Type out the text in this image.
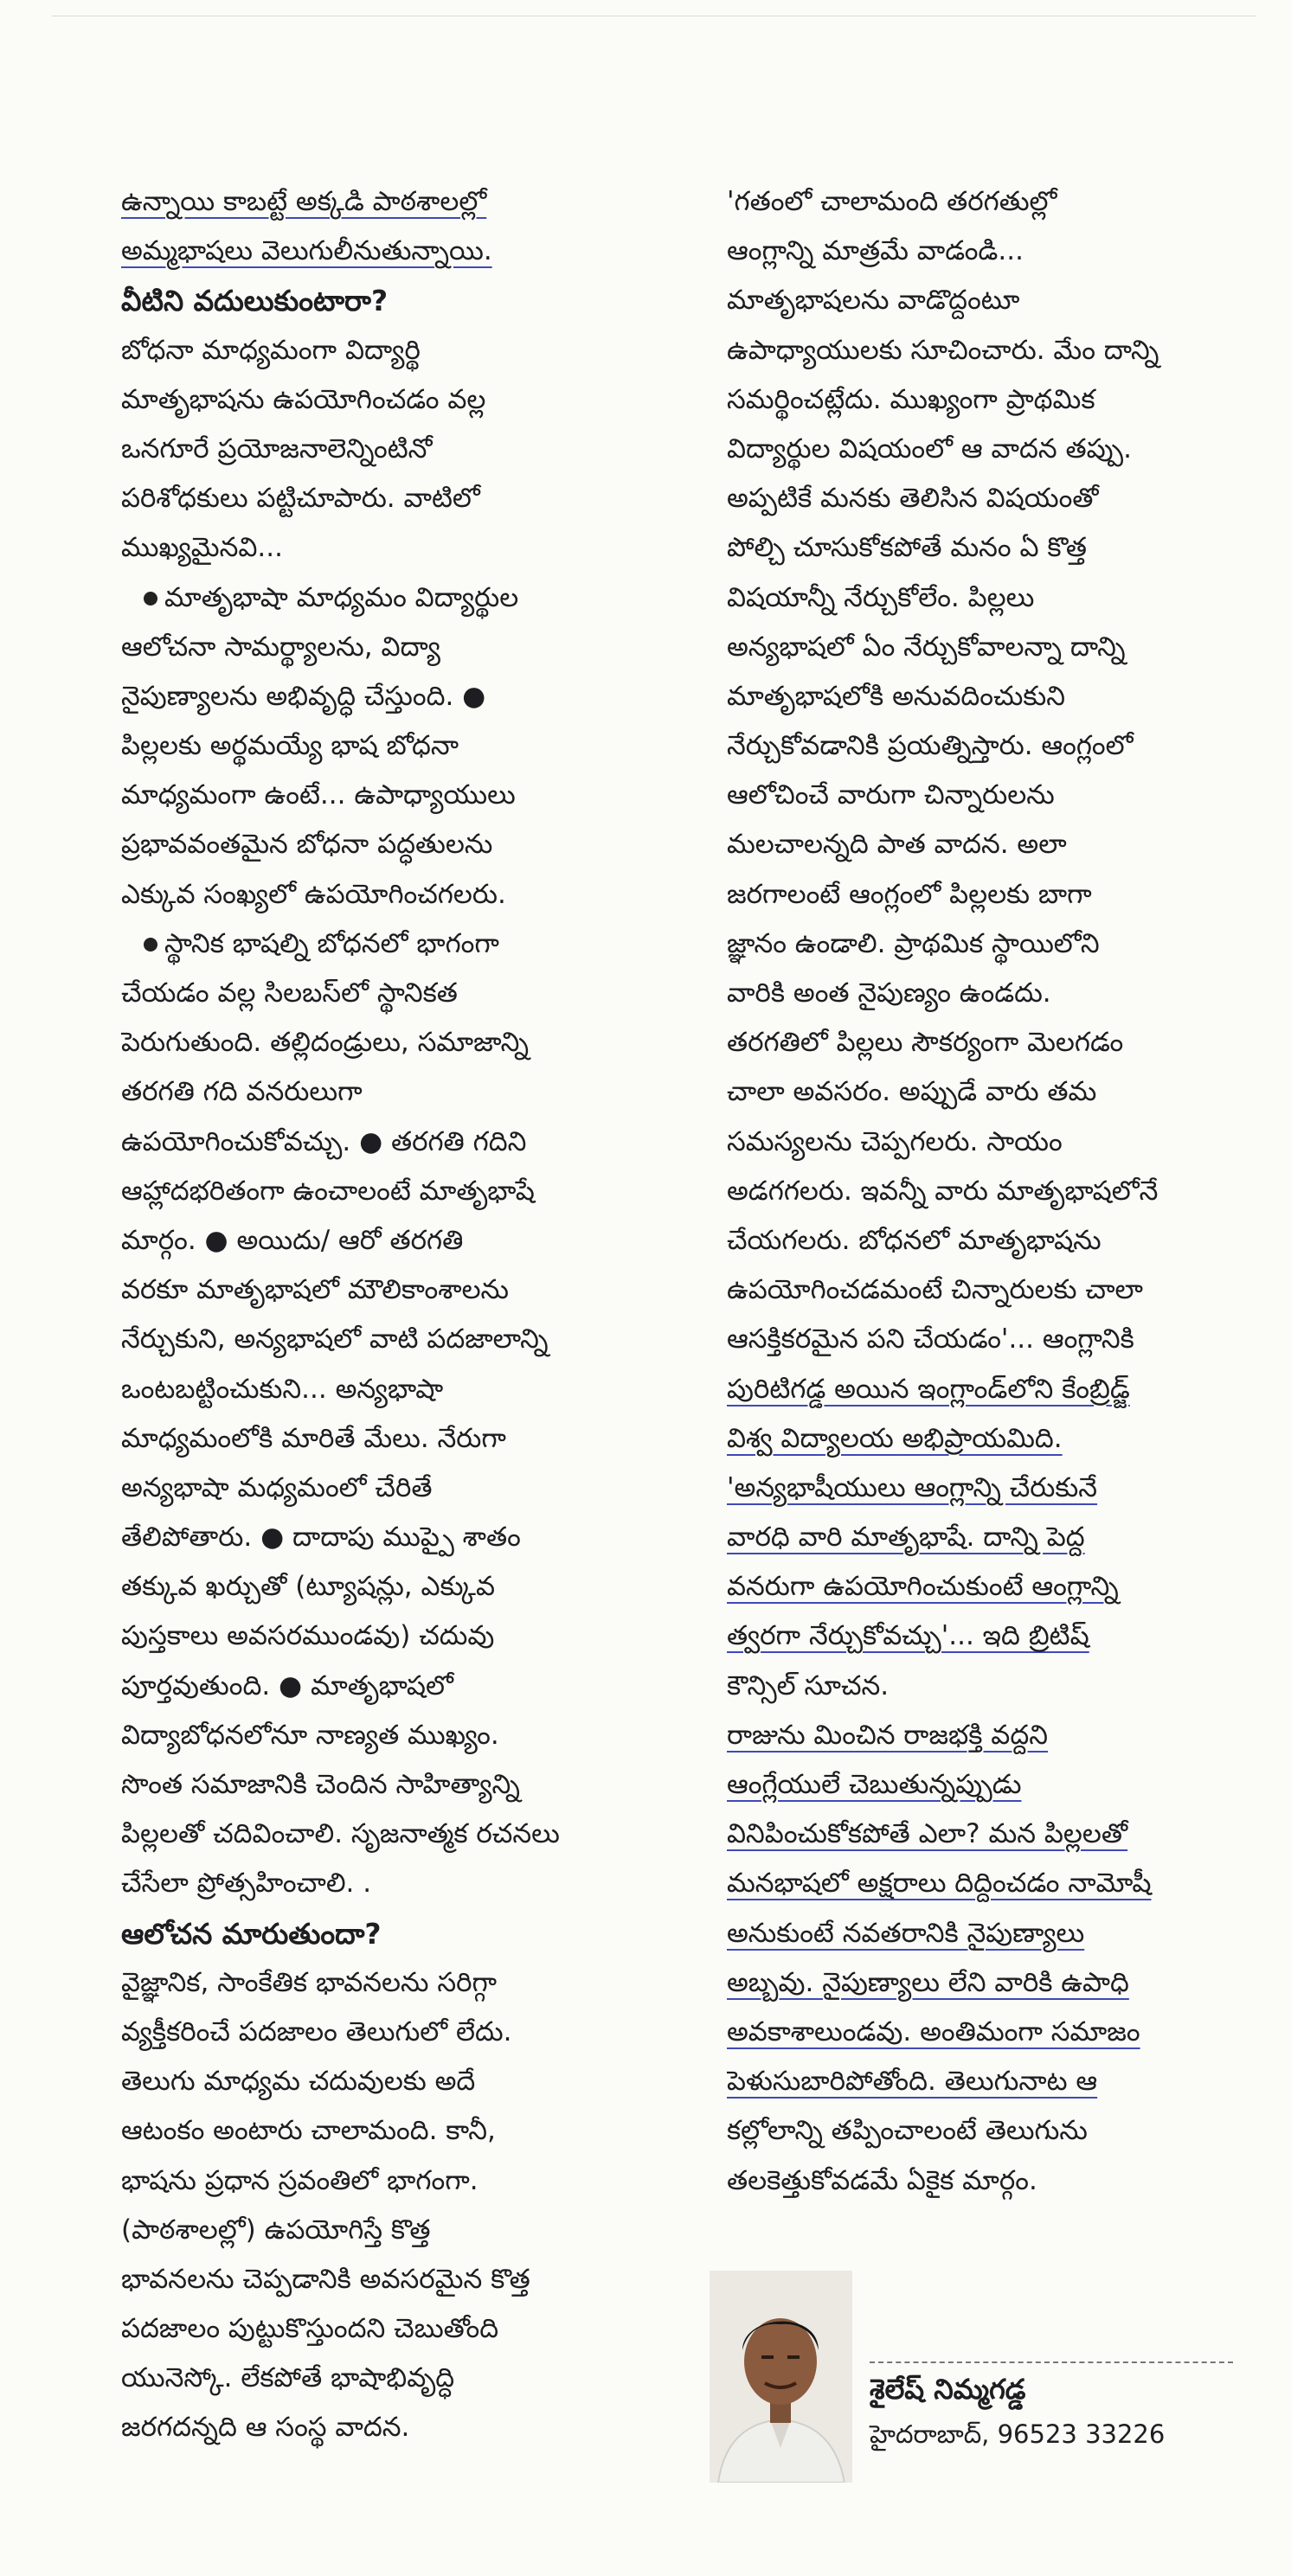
ఉన్నాయి కాబట్టే అక్కడి పాఠశాలల్లో
అమ్మభాషలు వెలుగులీనుతున్నాయి.
వీటిని వదులుకుంటారా?
బోధనా మాధ్యమంగా విద్యార్థి
మాతృభాషను ఉపయోగించడం వల్ల
ఒనగూరే ప్రయోజనాలెన్నింటినో
పరిశోధకులు పట్టిచూపారు. వాటిలో
ముఖ్యమైనవి...
మాతృభాషా మాధ్యమం విద్యార్థుల
ఆలోచనా సామర్థ్యాలను, విద్యా
నైపుణ్యాలను అభివృద్ధి చేస్తుంది. ●
పిల్లలకు అర్థమయ్యే భాష బోధనా
మాధ్యమంగా ఉంటే... ఉపాధ్యాయులు
ప్రభావవంతమైన బోధనా పద్ధతులను
ఎక్కువ సంఖ్యలో ఉపయోగించగలరు.
స్థానిక భాషల్ని బోధనలో భాగంగా
చేయడం వల్ల సిలబస్‌లో స్థానికత
పెరుగుతుంది. తల్లిదండ్రులు, సమాజాన్ని
తరగతి గది వనరులుగా
ఉపయోగించుకోవచ్చు. ● తరగతి గదిని
ఆహ్లాదభరితంగా ఉంచాలంటే మాతృభాషే
మార్గం. ● అయిదు/ ఆరో తరగతి
వరకూ మాతృభాషలో మౌలికాంశాలను
నేర్చుకుని, అన్యభాషలో వాటి పదజాలాన్ని
ఒంటబట్టించుకుని... అన్యభాషా
మాధ్యమంలోకి మారితే మేలు. నేరుగా
అన్యభాషా మధ్యమంలో చేరితే
తేలిపోతారు. ● దాదాపు ముప్పై శాతం
తక్కువ ఖర్చుతో (ట్యూషన్లు, ఎక్కువ
పుస్తకాలు అవసరముండవు) చదువు
పూర్తవుతుంది. ● మాతృభాషలో
విద్యాబోధనలోనూ నాణ్యత ముఖ్యం.
సొంత సమాజానికి చెందిన సాహిత్యాన్ని
పిల్లలతో చదివించాలి. సృజనాత్మక రచనలు
చేసేలా ప్రోత్సహించాలి. .
ఆలోచన మారుతుందా?
వైజ్ఞానిక, సాంకేతిక భావనలను సరిగ్గా
వ్యక్తీకరించే పదజాలం తెలుగులో లేదు.
తెలుగు మాధ్యమ చదువులకు అదే
ఆటంకం అంటారు చాలామంది. కానీ,
భాషను ప్రధాన స్రవంతిలో భాగంగా.
(పాఠశాలల్లో) ఉపయోగిస్తే కొత్త
భావనలను చెప్పడానికి అవసరమైన కొత్త
పదజాలం పుట్టుకొస్తుందని చెబుతోంది
యునెస్కో. లేకపోతే భాషాభివృద్ధి
జరగదన్నది ఆ సంస్థ వాదన.
'గతంలో చాలామంది తరగతుల్లో
ఆంగ్లాన్ని మాత్రమే వాడండి...
మాతృభాషలను వాడొద్దంటూ
ఉపాధ్యాయులకు సూచించారు. మేం దాన్ని
సమర్థించట్లేదు. ముఖ్యంగా ప్రాథమిక
విద్యార్థుల విషయంలో ఆ వాదన తప్పు.
అప్పటికే మనకు తెలిసిన విషయంతో
పోల్చి చూసుకోకపోతే మనం ఏ కొత్త
విషయాన్నీ నేర్చుకోలేం. పిల్లలు
అన్యభాషలో ఏం నేర్చుకోవాలన్నా దాన్ని
మాతృభాషలోకి అనువదించుకుని
నేర్చుకోవడానికి ప్రయత్నిస్తారు. ఆంగ్లంలో
ఆలోచించే వారుగా చిన్నారులను
మలచాలన్నది పాత వాదన. అలా
జరగాలంటే ఆంగ్లంలో పిల్లలకు బాగా
జ్ఞానం ఉండాలి. ప్రాథమిక స్థాయిలోని
వారికి అంత నైపుణ్యం ఉండదు.
తరగతిలో పిల్లలు సౌకర్యంగా మెలగడం
చాలా అవసరం. అప్పుడే వారు తమ
సమస్యలను చెప్పగలరు. సాయం
అడగగలరు. ఇవన్నీ వారు మాతృభాషలోనే
చేయగలరు. బోధనలో మాతృభాషను
ఉపయోగించడమంటే చిన్నారులకు చాలా
ఆసక్తికరమైన పని చేయడం'... ఆంగ్లానికి
పురిటిగడ్డ అయిన ఇంగ్లాండ్‌లోని కేంబ్రిడ్జ్
విశ్వ విద్యాలయ అభిప్రాయమిది.
'అన్యభాషీయులు ఆంగ్లాన్ని చేరుకునే
వారధి వారి మాతృభాషే. దాన్ని పెద్ద
వనరుగా ఉపయోగించుకుంటే ఆంగ్లాన్ని
త్వరగా నేర్చుకోవచ్చు'... ఇది బ్రిటిష్
కౌన్సిల్ సూచన.
రాజును మించిన రాజభక్తి వద్దని
ఆంగ్లేయులే చెబుతున్నప్పుడు
వినిపించుకోకపోతే ఎలా? మన పిల్లలతో
మనభాషలో అక్షరాలు దిద్దించడం నామోషీ
అనుకుంటే నవతరానికి నైపుణ్యాలు
అబ్బవు. నైపుణ్యాలు లేని వారికి ఉపాధి
అవకాశాలుండవు. అంతిమంగా సమాజం
పెళుసుబారిపోతోంది. తెలుగునాట ఆ
కల్లోలాన్ని తప్పించాలంటే తెలుగును
తలకెత్తుకోవడమే ఏకైక మార్గం.
శైలేష్ నిమ్మగడ్డ
హైదరాబాద్, 96523 33226
